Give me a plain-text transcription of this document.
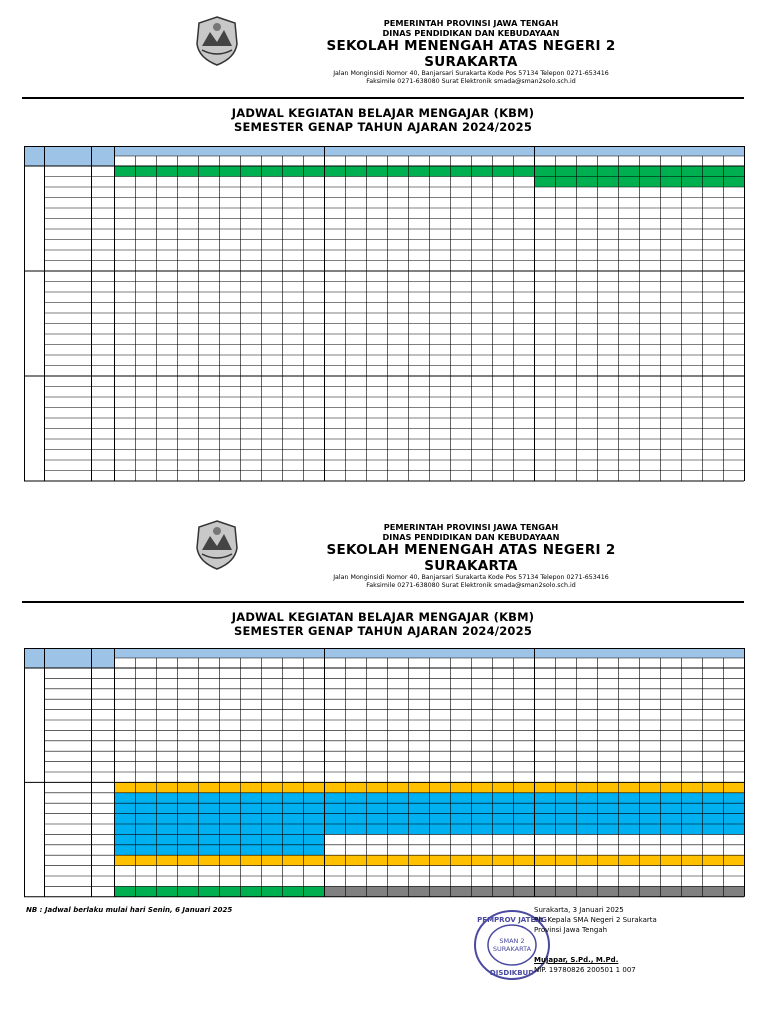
PEMERINTAH PROVINSI JAWA TENGAH
DINAS PENDIDIKAN DAN KEBUDAYAAN
SEKOLAH MENENGAH ATAS NEGERI 2
SURAKARTA
Jalan Monginsidi Nomor 40, Banjarsari Surakarta Kode Pos 57134 Telepon 0271-653416
Faksimile 0271-638080 Surat Elektronik smada@sman2solo.sch.id
JADWAL KEGIATAN BELAJAR MENGAJAR (KBM)
SEMESTER GENAP TAHUN AJARAN 2024/2025
PEMERINTAH PROVINSI JAWA TENGAH
DINAS PENDIDIKAN DAN KEBUDAYAAN
SEKOLAH MENENGAH ATAS NEGERI 2
SURAKARTA
Jalan Monginsidi Nomor 40, Banjarsari Surakarta Kode Pos 57134 Telepon 0271-653416
Faksimile 0271-638080 Surat Elektronik smada@sman2solo.sch.id
JADWAL KEGIATAN BELAJAR MENGAJAR (KBM)
SEMESTER GENAP TAHUN AJARAN 2024/2025
NB : Jadwal berlaku mulai hari Senin, 6 Januari 2025
PEMPROV JATENG
SMAN 2
SURAKARTA
DISDIKBUD
Surakarta, 3 Januari 2025
Plt. Kepala SMA Negeri 2 Surakarta
Provinsi Jawa Tengah
Mujapar, S.Pd., M.Pd.
NIP. 19780826 200501 1 007
